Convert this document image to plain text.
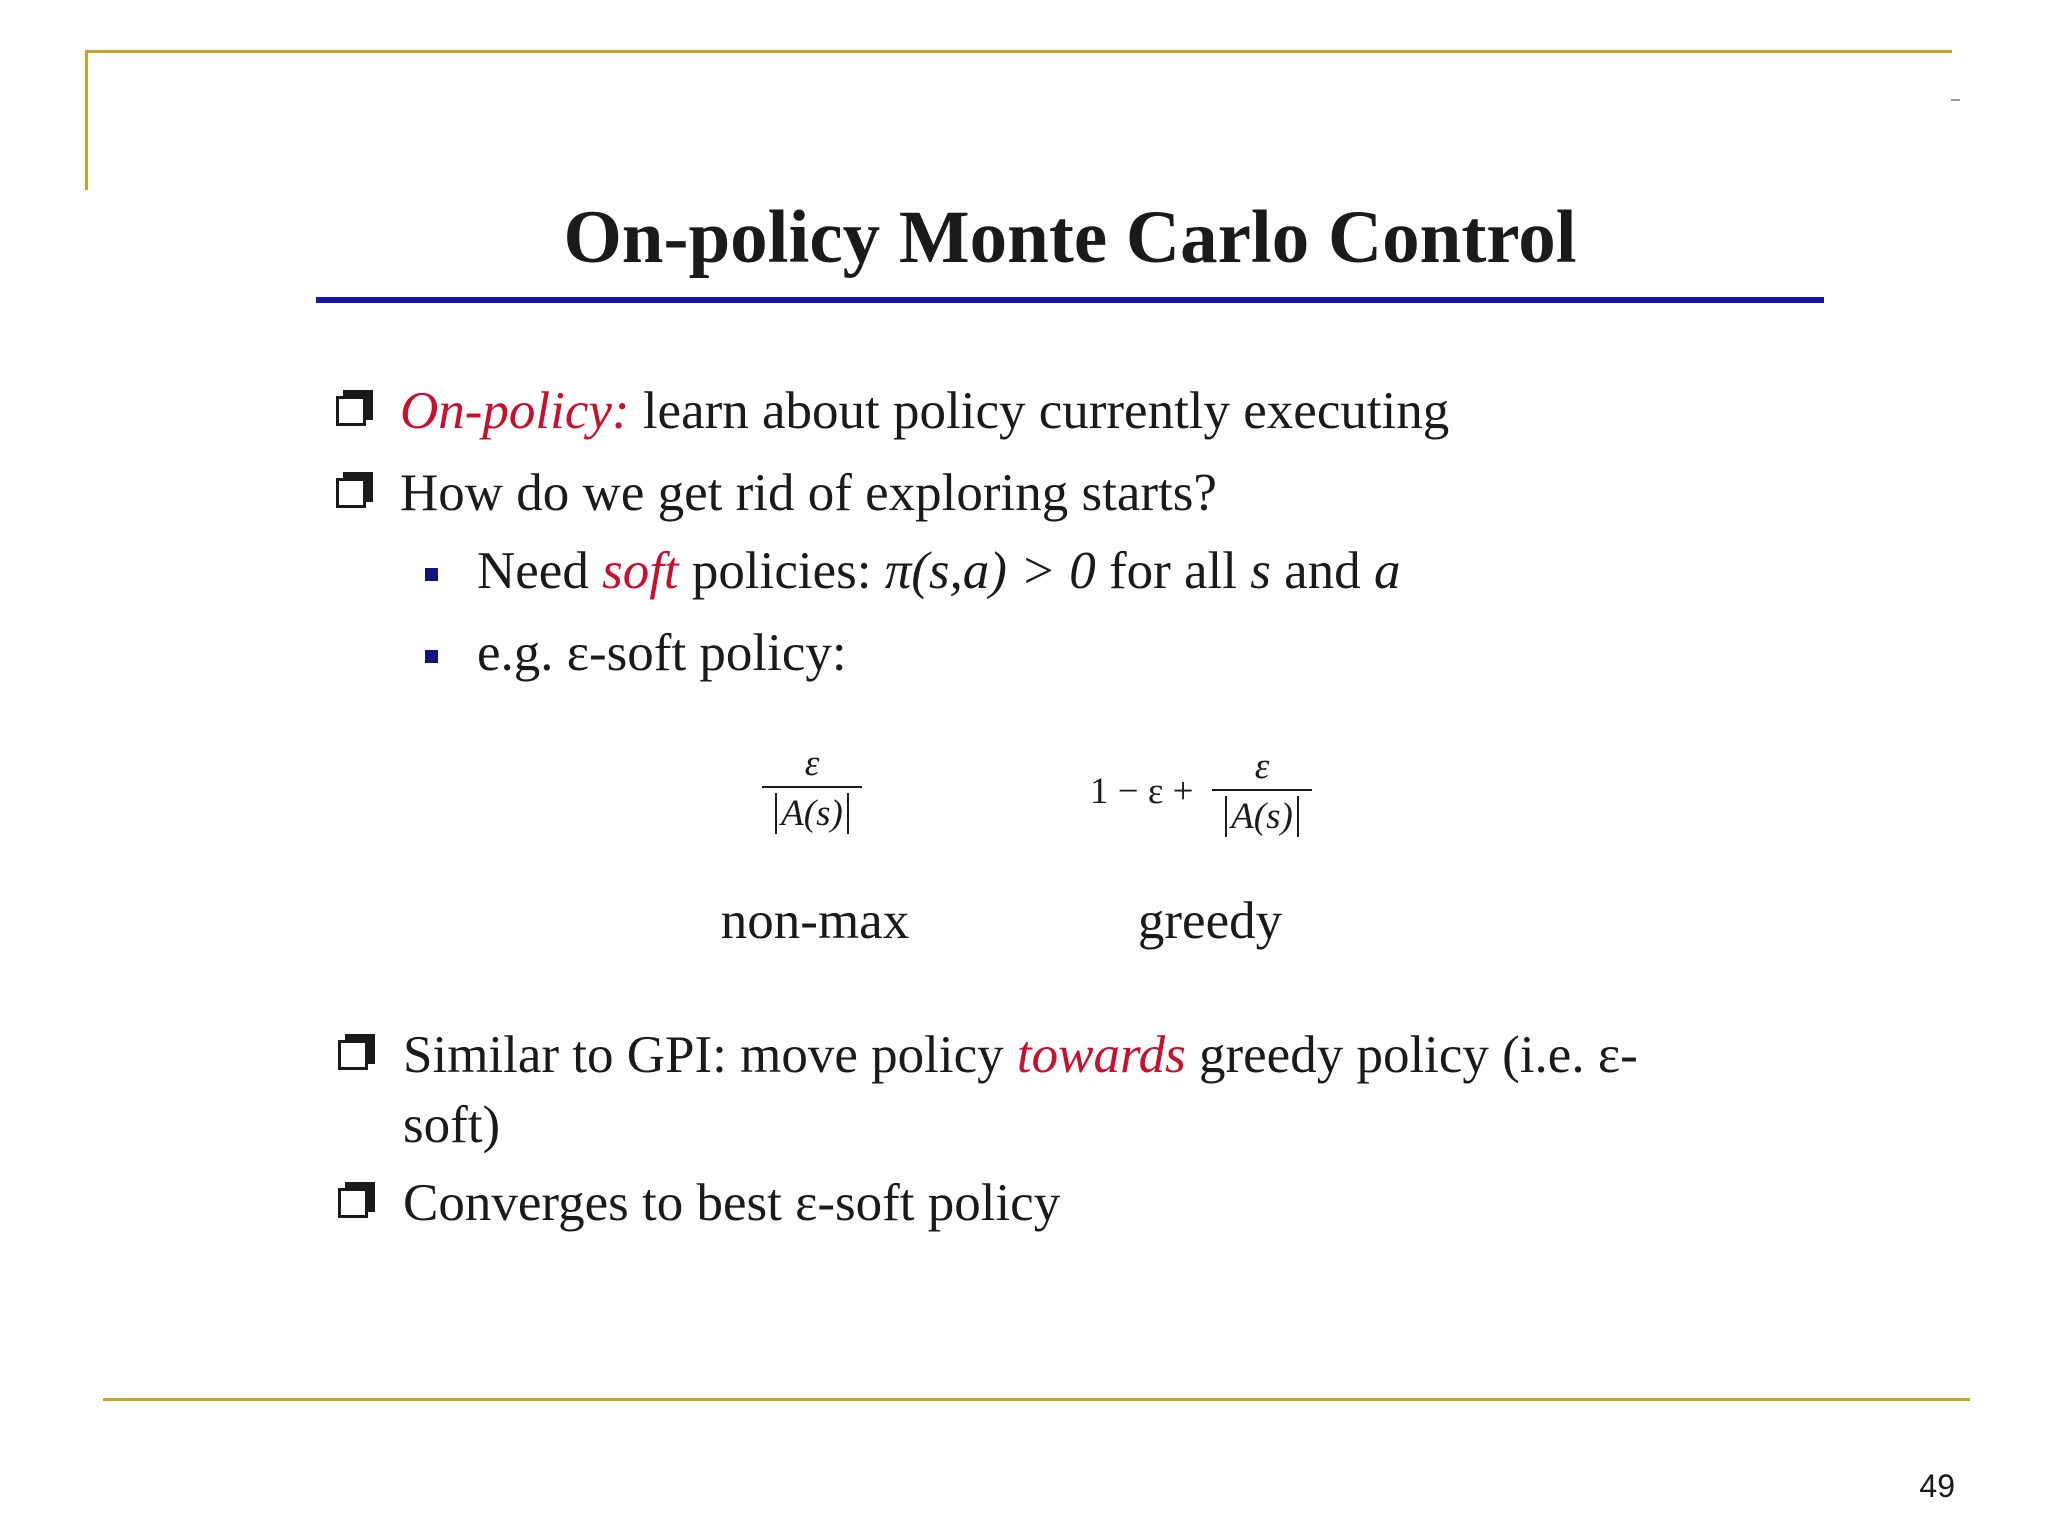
On-policy Monte Carlo Control
On-policy: learn about policy currently executing
How do we get rid of exploring starts?
Need soft policies: π(s,a) > 0 for all s and a
e.g. ε-soft policy:
ε
A(s)
non-max
1 − ε +
ε
A(s)
greedy
Similar to GPI: move policy towards greedy policy (i.e. ε-
soft)
Converges to best ε-soft policy
49
